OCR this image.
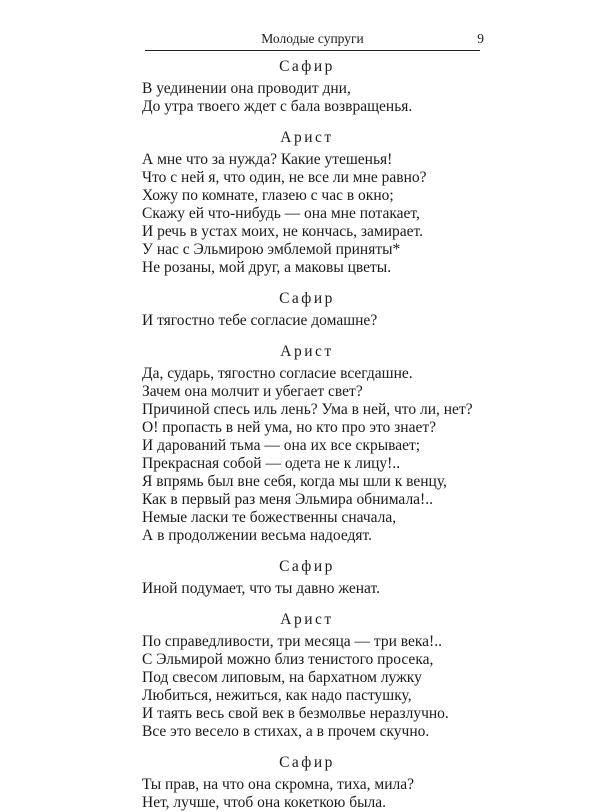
Молодые супруги	9
Сафир
В уединении она проводит дни,
До утра твоего ждет с бала возвращенья.
Арист
А мне что за нужда? Какие утешенья!
Что с ней я, что один, не все ли мне равно?
Хожу по комнате, глазею с час в окно;
Скажу ей что-нибудь — она мне потакает,
И речь в устах моих, не кончась, замирает.
У нас с Эльмирою эмблемой приняты*
Не розаны, мой друг, а маковы цветы.
Сафир
И тягостно тебе согласие домашне?
Арист
Да, сударь, тягостно согласие всегдашне.
Зачем она молчит и убегает свет?
Причиной спесь иль лень? Ума в ней, что ли, нет?
О! пропасть в ней ума, но кто про это знает?
И дарований тьма — она их все скрывает;
Прекрасная собой — одета не к лицу!..
Я впрямь был вне себя, когда мы шли к венцу,
Как в первый раз меня Эльмира обнимала!..
Немые ласки те божественны сначала,
А в продолжении весьма надоедят.
Сафир
Иной подумает, что ты давно женат.
Арист
По справедливости, три месяца — три века!..
С Эльмирой можно близ тенистого просека,
Под свесом липовым, на бархатном лужку
Любиться, нежиться, как надо пастушку,
И таять весь свой век в безмолвье неразлучно.
Все это весело в стихах, а в прочем скучно.
Сафир
Ты прав, на что она скромна, тиха, мила?
Нет, лучше, чтоб она кокеткою была.
